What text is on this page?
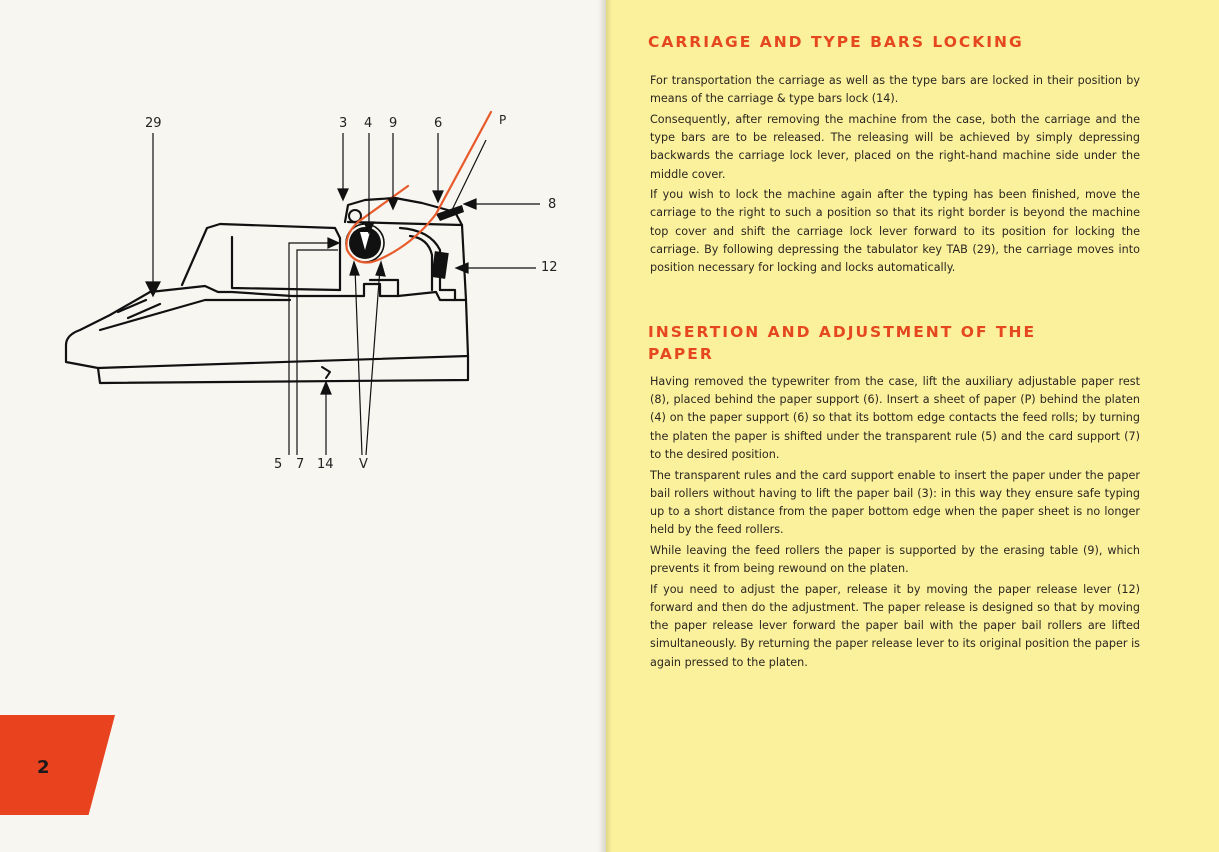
29	3 4 9	6	P
8
12
5 7 14 V
2
CARRIAGE AND TYPE BARS LOCKING

For transportation the carriage as well as the type bars are locked in their position by means of the carriage & type bars lock (14).

Consequently, after removing the machine from the case, both the carriage and the type bars are to be released. The releasing will be achieved by simply depressing backwards the carriage lock lever, placed on the right-hand machine side under the middle cover.

If you wish to lock the machine again after the typing has been finished, move the carriage to the right to such a position so that its right border is beyond the machine top cover and shift the carriage lock lever forward to its position for locking the carriage. By following depressing the tabulator key TAB (29), the carriage moves into position necessary for locking and locks automatically.

INSERTION AND ADJUSTMENT OF THE PAPER

Having removed the typewriter from the case, lift the auxiliary adjustable paper rest (8), placed behind the paper support (6). Insert a sheet of paper (P) behind the platen (4) on the paper support (6) so that its bottom edge contacts the feed rolls; by turning the platen the paper is shifted under the transparent rule (5) and the card support (7) to the desired position.

The transparent rules and the card support enable to insert the paper under the paper bail rollers without having to lift the paper bail (3): in this way they ensure safe typing up to a short distance from the paper bottom edge when the paper sheet is no longer held by the feed rollers.

While leaving the feed rollers the paper is supported by the erasing table (9), which prevents it from being rewound on the platen.

If you need to adjust the paper, release it by moving the paper release lever (12) forward and then do the adjustment. The paper release is designed so that by moving the paper release lever forward the paper bail with the paper bail rollers are lifted simultaneously. By returning the paper release lever to its original position the paper is again pressed to the platen.
